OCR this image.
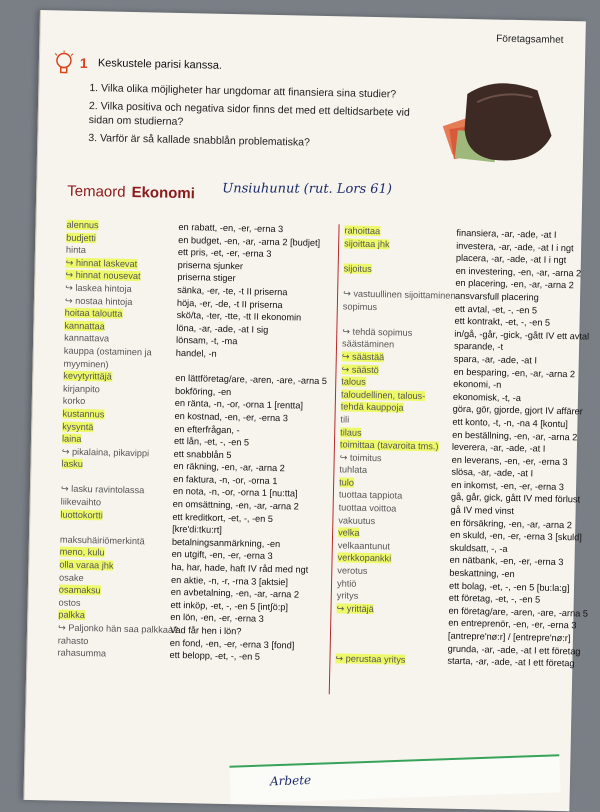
Företagsamhet
1 Keskustele parisi kanssa.
1. Vilka olika möjligheter har ungdomar att finansiera sina studier?
2. Vilka positiva och negativa sidor finns det med ett deltidsarbete vid sidan om studierna?
3. Varför är så kallade snabblån problematiska?
Temaord Ekonomi Unsiuhunut (rut. Lors 61)
alennus
budjetti
hinta
↪ hinnat laskevat
↪ hinnat nousevat
↪ laskea hintoja
↪ nostaa hintoja
hoitaa taloutta
kannattaa
kannattava
kauppa (ostaminen ja
myyminen)
kevytyrittäjä
kirjanpito
korko
kustannus
kysyntä
laina
↪ pikalaina, pikavippi
lasku
↪ lasku ravintolassa
liikevaihto
luottokortti
maksuhäiriömerkintä
meno, kulu
olla varaa jhk
osake
osamaksu
ostos
palkka
↪ Paljonko hän saa palkkaa?
rahasto
rahasumma
en rabatt, -en, -er, -erna 3
en budget, -en, -ar, -arna 2 [budjet]
ett pris, -et, -er, -erna 3
priserna sjunker
priserna stiger
sänka, -er, -te, -t II priserna
höja, -er, -de, -t II priserna
skö/ta, -ter, -tte, -tt II ekonomin
löna, -ar, -ade, -at I sig
lönsam, -t, -ma
handel, -n
en lättföretag/are, -aren, -are, -arna 5
bokföring, -en
en ränta, -n, -or, -orna 1 [rentta]
en kostnad, -en, -er, -erna 3
en efterfrågan, -
ett lån, -et, -, -en 5
ett snabblån 5
en räkning, -en, -ar, -arna 2
en faktura, -n, -or, -orna 1
en nota, -n, -or, -orna 1 [nu:tta]
en omsättning, -en, -ar, -arna 2
ett kreditkort, -et, -, -en 5
[kre'di:tku:rt]
betalningsanmärkning, -en
en utgift, -en, -er, -erna 3
ha, har, hade, haft IV råd med ngt
en aktie, -n, -r, -rna 3 [aktsie]
en avbetalning, -en, -ar, -arna 2
ett inköp, -et, -, -en 5 [int∫ö:p]
en lön, -en, -er, -erna 3
Vad får hen i lön?
en fond, -en, -er, -erna 3 [fond]
ett belopp, -et, -, -en 5
rahoittaa
sijoittaa jhk
sijoitus
↪ vastuullinen sijoittaminen
sopimus
↪ tehdä sopimus
säästäminen
↪ säästää
↪ säästö
talous
taloudellinen, talous-
tehdä kauppoja
tili
tilaus
toimittaa (tavaroita tms.)
↪ toimitus
tuhlata
tulo
tuottaa tappiota
tuottaa voittoa
vakuutus
velka
velkaantunut
verkkopankki
verotus
yhtiö
yritys
↪ yrittäjä
↪ perustaa yritys
finansiera, -ar, -ade, -at I
investera, -ar, -ade, -at I i ngt
placera, -ar, -ade, -at I i ngt
en investering, -en, -ar, -arna 2
en placering, -en, -ar, -arna 2
ansvarsfull placering
ett avtal, -et, -, -en 5
ett kontrakt, -et, -, -en 5
in/gå, -går, -gick, -gått IV ett avtal
sparande, -t
spara, -ar, -ade, -at I
en besparing, -en, -ar, -arna 2
ekonomi, -n
ekonomisk, -t, -a
göra, gör, gjorde, gjort IV affärer
ett konto, -t, -n, -na 4 [kontu]
en beställning, -en, -ar, -arna 2
leverera, -ar, -ade, -at I
en leverans, -en, -er, -erna 3
slösa, -ar, -ade, -at I
en inkomst, -en, -er, -erna 3
gå, går, gick, gått IV med förlust
gå IV med vinst
en försäkring, -en, -ar, -arna 2
en skuld, -en, -er, -erna 3 [skuld]
skuldsatt, -, -a
en nätbank, -en, -er, -erna 3
beskattning, -en
ett bolag, -et, -, -en 5 [bu:la:g]
ett företag, -et, -, -en 5
en företag/are, -aren, -are, -arna 5
en entreprenör, -en, -er, -erna 3
[antrepre'nø:r] / [entrepre'nø:r]
grunda, -ar, -ade, -at I ett företag
starta, -ar, -ade, -at I ett företag
Arbete
